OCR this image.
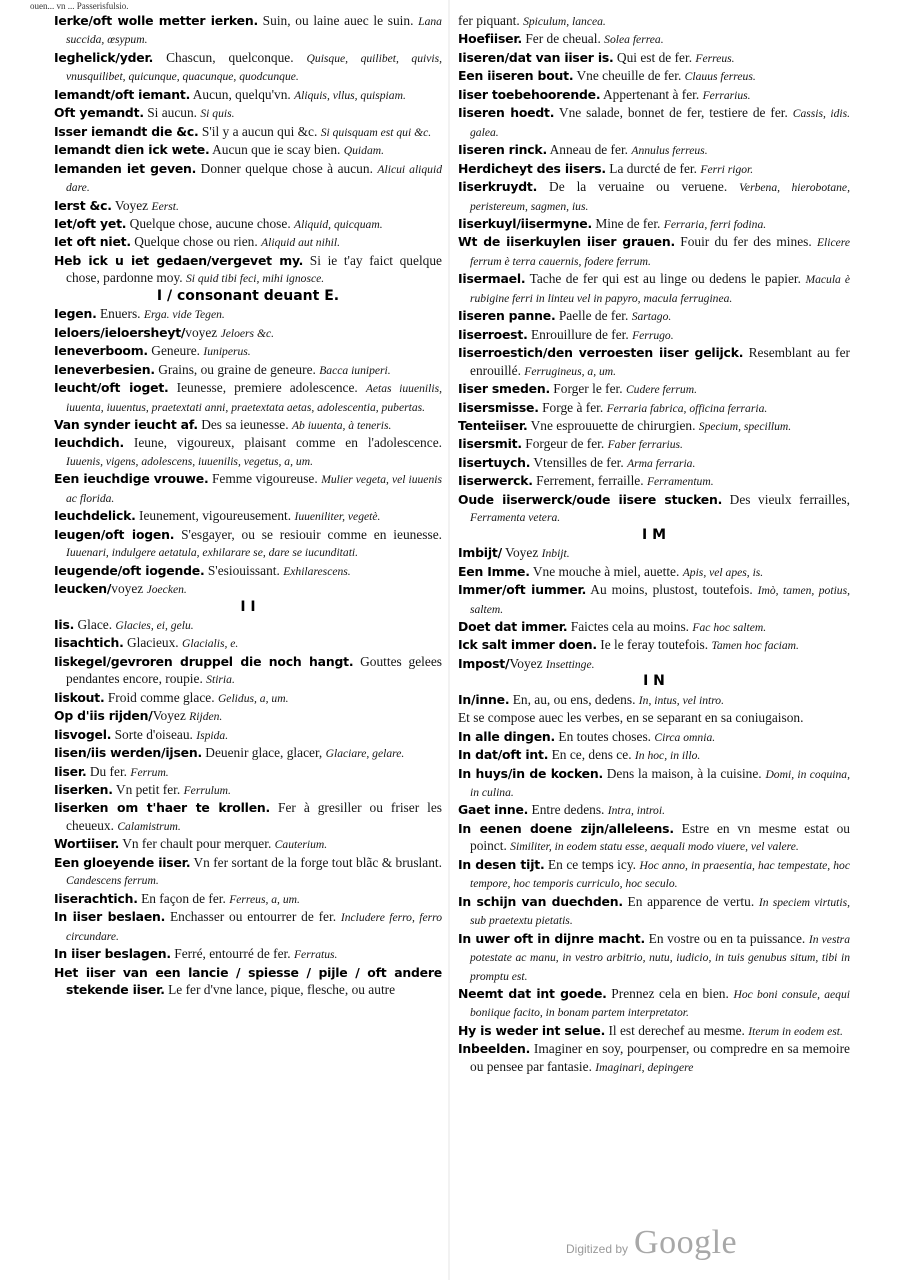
ouen... vn ... Passerisfulsio.

Ierke/oft wolle metter ierken. Suin, ou laine auec le suin. Lana succida, œsypum.

Ieghelick/yder. Chascun, quelconque. Quisque, quilibet, quivis, vnusquilibet, quicunque, quacunque, quodcunque.

Iemandt/oft iemant. Aucun, quelqu'vn. Aliquis, vllus, quispiam.

Oft yemandt. Si aucun. Si quis.

Isser iemandt die &c. S'il y a aucun qui &c. Si quisquam est qui &c.

Iemandt dien ick wete. Aucun que ie scay bien. Quidam.

Iemanden iet geven. Donner quelque chose à aucun. Alicui aliquid dare.

Ierst &c. Voyez Eerst.

Iet/oft yet. Quelque chose, aucune chose. Aliquid, quicquam.

Iet oft niet. Quelque chose ou rien. Aliquid aut nihil.

Heb ick u iet gedaen/vergevet my. Si ie t'ay faict quelque chose, pardonne moy. Si quid tibi feci, mihi ignosce.

I / consonant deuant E.

Iegen. Enuers. Erga. vide Tegen.

Ieloers/ieloersheyt/voyez Jeloers &c.

Ieneverboom. Geneure. Iuniperus.

Ieneverbesien. Grains, ou graine de geneure. Bacca iuniperi.

Ieucht/oft ioget. Ieunesse, premiere adolescence. Aetas iuuenilis, iuuenta, iuuentus, praetextati anni, praetextata aetas, adolescentia, pubertas.

Van synder ieucht af. Des sa ieunesse. Ab iuuenta, à teneris.

Ieuchdich. Ieune, vigoureux, plaisant comme en l'adolescence. Iuuenis, vigens, adolescens, iuuenilis, vegetus, a, um.

Een ieuchdige vrouwe. Femme vigoureuse. Mulier vegeta, vel iuuenis ac florida.

Ieuchdelick. Ieunement, vigoureusement. Iuueniliter, vegetè.

Ieugen/oft iogen. S'esgayer, ou se resiouir comme en ieunesse. Iuuenari, indulgere aetatula, exhilarare se, dare se iucunditati.

Ieugende/oft iogende. S'esiouissant. Exhilarescens.

Ieucken/voyez Joecken.

I I

Iis. Glace. Glacies, ei, gelu.

Iisachtich. Glacieux. Glacialis, e.

Iiskegel/gevroren druppel die noch hangt. Gouttes gelees pendantes encore, roupie. Stiria.

Iiskout. Froid comme glace. Gelidus, a, um.

Op d'iis rijden/Voyez Rijden.

Iisvogel. Sorte d'oiseau. Ispida.

Iisen/iis werden/ijsen. Deuenir glace, glacer, Glaciare, gelare.

Iiser. Du fer. Ferrum.

Iiserken. Vn petit fer. Ferrulum.

Iiserken om t'haer te krollen. Fer à gresiller ou friser les cheueux. Calamistrum.

Wortiiser. Vn fer chault pour merquer. Cauterium.

Een gloeyende iiser. Vn fer sortant de la forge tout blãc & bruslant. Candescens ferrum.

Iiserachtich. En façon de fer. Ferreus, a, um.

In iiser beslaen. Enchasser ou entourrer de fer. Includere ferro, ferro circundare.

In iiser beslagen. Ferré, entourré de fer. Ferratus.

Het iiser van een lancie / spiesse / pijle / oft andere stekende iiser. Le fer d'vne lance, pique, flesche, ou autre

fer piquant. Spiculum, lancea.

Hoefiiser. Fer de cheual. Solea ferrea.

Iiseren/dat van iiser is. Qui est de fer. Ferreus.

Een iiseren bout. Vne cheuille de fer. Clauus ferreus.

Iiser toebehoorende. Appertenant à fer. Ferrarius.

Iiseren hoedt. Vne salade, bonnet de fer, testiere de fer. Cassis, idis. galea.

Iiseren rinck. Anneau de fer. Annulus ferreus.

Herdicheyt des iisers. La durcté de fer. Ferri rigor.

Iiserkruydt. De la veruaine ou veruene. Verbena, hierobotane, peristereum, sagmen, ius.

Iiserkuyl/iisermyne. Mine de fer. Ferraria, ferri fodina.

Wt de iiserkuylen iiser grauen. Fouir du fer des mines. Elicere ferrum è terra cauernis, fodere ferrum.

Iisermael. Tache de fer qui est au linge ou dedens le papier. Macula è rubigine ferri in linteu vel in papyro, macula ferruginea.

Iiseren panne. Paelle de fer. Sartago.

Iiserroest. Enrouillure de fer. Ferrugo.

Iiserroestich/den verroesten iiser gelijck. Resemblant au fer enrouillé. Ferrugineus, a, um.

Iiser smeden. Forger le fer. Cudere ferrum.

Iisersmisse. Forge à fer. Ferraria fabrica, officina ferraria.

Tenteiiser. Vne esprouuette de chirurgien. Specium, specillum.

Iisersmit. Forgeur de fer. Faber ferrarius.

Iisertuych. Vtensilles de fer. Arma ferraria.

Iiserwerck. Ferrement, ferraille. Ferramentum.

Oude iiserwerck/oude iisere stucken. Des vieulx ferrailles, Ferramenta vetera.

I M

Imbijt/ Voyez Inbijt.

Een Imme. Vne mouche à miel, auette. Apis, vel apes, is.

Immer/oft iummer. Au moins, plustost, toutefois. Imò, tamen, potius, saltem.

Doet dat immer. Faictes cela au moins. Fac hoc saltem.

Ick salt immer doen. Ie le feray toutefois. Tamen hoc faciam.

Impost/Voyez Insettinge.

I N

In/inne. En, au, ou ens, dedens. In, intus, vel intro.

Et se compose auec les verbes, en se separant en sa coniugaison.

In alle dingen. En toutes choses. Circa omnia.

In dat/oft int. En ce, dens ce. In hoc, in illo.

In huys/in de kocken. Dens la maison, à la cuisine. Domi, in coquina, in culina.

Gaet inne. Entre dedens. Intra, introi.

In eenen doene zijn/alleleens. Estre en vn mesme estat ou poinct. Similiter, in eodem statu esse, aequali modo viuere, vel valere.

In desen tijt. En ce temps icy. Hoc anno, in praesentia, hac tempestate, hoc tempore, hoc temporis curriculo, hoc seculo.

In schijn van duechden. En apparence de vertu. In speciem virtutis, sub praetextu pietatis.

In uwer oft in dijnre macht. En vostre ou en ta puissance. In vestra potestate ac manu, in vestro arbitrio, nutu, iudicio, in tuis genubus situm, tibi in promptu est.

Neemt dat int goede. Prennez cela en bien. Hoc boni consule, aequi boniique facito, in bonam partem interpretator.

Hy is weder int selue. Il est derechef au mesme. Iterum in eodem est.

Inbeelden. Imaginer en soy, pourpenser, ou compredre en sa memoire ou pensee par fantasie. Imaginari, depingere

Digitized by Google
